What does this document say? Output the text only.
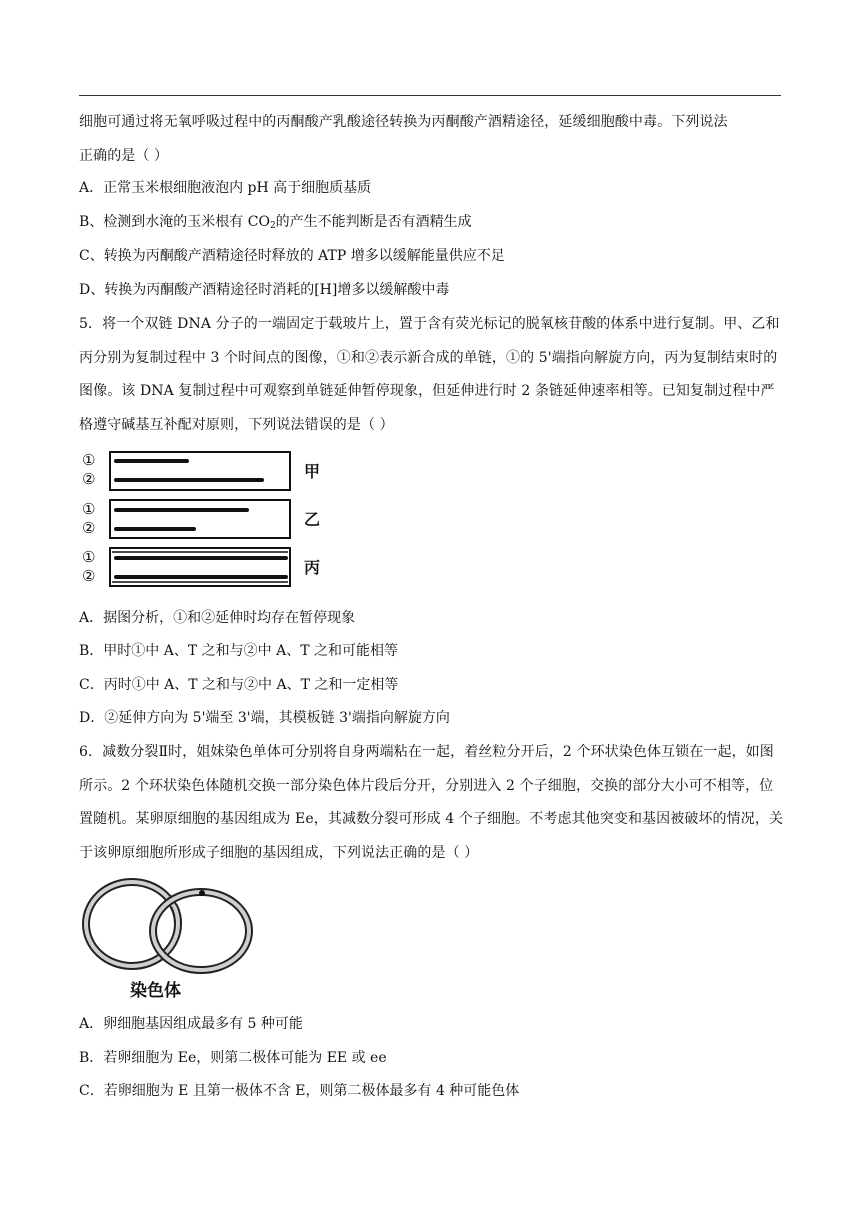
细胞可通过将无氧呼吸过程中的丙酮酸产乳酸途径转换为丙酮酸产酒精途径，延缓细胞酸中毒。下列说法
正确的是（ ）
A．正常玉米根细胞液泡内 pH 高于细胞质基质
B、检测到水淹的玉米根有 $CO_2$的产生不能判断是否有酒精生成
C、转换为丙酮酸产酒精途径时释放的 ATP 增多以缓解能量供应不足
D、转换为丙酮酸产酒精途径时消耗的[H]增多以缓解酸中毒
5．将一个双链 DNA 分子的一端固定于载玻片上，置于含有荧光标记的脱氧核苷酸的体系中进行复制。甲、乙和丙分别为复制过程中 3 个时间点的图像，①和②表示新合成的单链，①的 5'端指向解旋方向，丙为复制结束时的图像。该 DNA 复制过程中可观察到单链延伸暂停现象，但延伸进行时 2 条链延伸速率相等。已知复制过程中严格遵守碱基互补配对原则，下列说法错误的是（ ）
①
②
①
②
①
②
甲
乙
丙
A．据图分析，①和②延伸时均存在暂停现象
B．甲时①中 A、T 之和与②中 A、T 之和可能相等
C．丙时①中 A、T 之和与②中 A、T 之和一定相等
D．②延伸方向为 5'端至 3'端，其模板链 3'端指向解旋方向
6．减数分裂Ⅱ时，姐妹染色单体可分别将自身两端粘在一起，着丝粒分开后，2 个环状染色体互锁在一起，如图所示。2 个环状染色体随机交换一部分染色体片段后分开，分别进入 2 个子细胞，交换的部分大小可不相等，位置随机。某卵原细胞的基因组成为 Ee，其减数分裂可形成 4 个子细胞。不考虑其他突变和基因被破坏的情况，关于该卵原细胞所形成子细胞的基因组成，下列说法正确的是（ ）
染色体
A．卵细胞基因组成最多有 5 种可能
B．若卵细胞为 Ee，则第二极体可能为 EE 或 ee
C．若卵细胞为 E 且第一极体不含 E，则第二极体最多有 4 种可能色体
